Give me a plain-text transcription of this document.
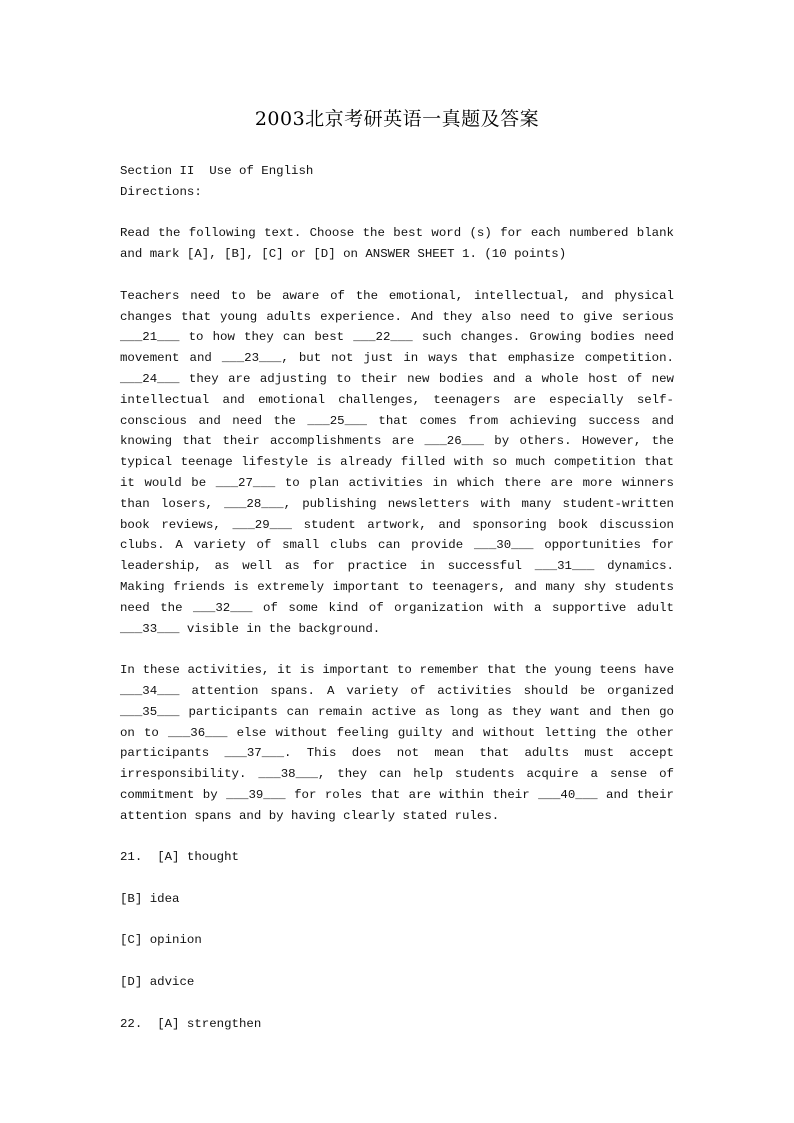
2003北京考研英语一真题及答案

Section II  Use of English

Directions:

Read the following text. Choose the best word (s) for each numbered blank and mark [A], [B], [C] or [D] on ANSWER SHEET 1. (10 points)

Teachers need to be aware of the emotional, intellectual, and physical changes that young adults experience. And they also need to give serious ___21___ to how they can best ___22___ such changes. Growing bodies need movement and ___23___, but not just in ways that emphasize competition. ___24___ they are adjusting to their new bodies and a whole host of new intellectual and emotional challenges, teenagers are especially self-conscious and need the ___25___ that comes from achieving success and knowing that their accomplishments are ___26___ by others. However, the typical teenage lifestyle is already filled with so much competition that it would be ___27___ to plan activities in which there are more winners than losers, ___28___, publishing newsletters with many student-written book reviews, ___29___ student artwork, and sponsoring book discussion clubs. A variety of small clubs can provide ___30___ opportunities for leadership, as well as for practice in successful ___31___ dynamics. Making friends is extremely important to teenagers, and many shy students need the ___32___ of some kind of organization with a supportive adult ___33___ visible in the background.

In these activities, it is important to remember that the young teens have ___34___ attention spans. A variety of activities should be organized ___35___ participants can remain active as long as they want and then go on to ___36___ else without feeling guilty and without letting the other participants ___37___. This does not mean that adults must accept irresponsibility. ___38___, they can help students acquire a sense of commitment by ___39___ for roles that are within their ___40___ and their attention spans and by having clearly stated rules.

21. [A] thought

[B] idea

[C] opinion

[D] advice

22. [A] strengthen
